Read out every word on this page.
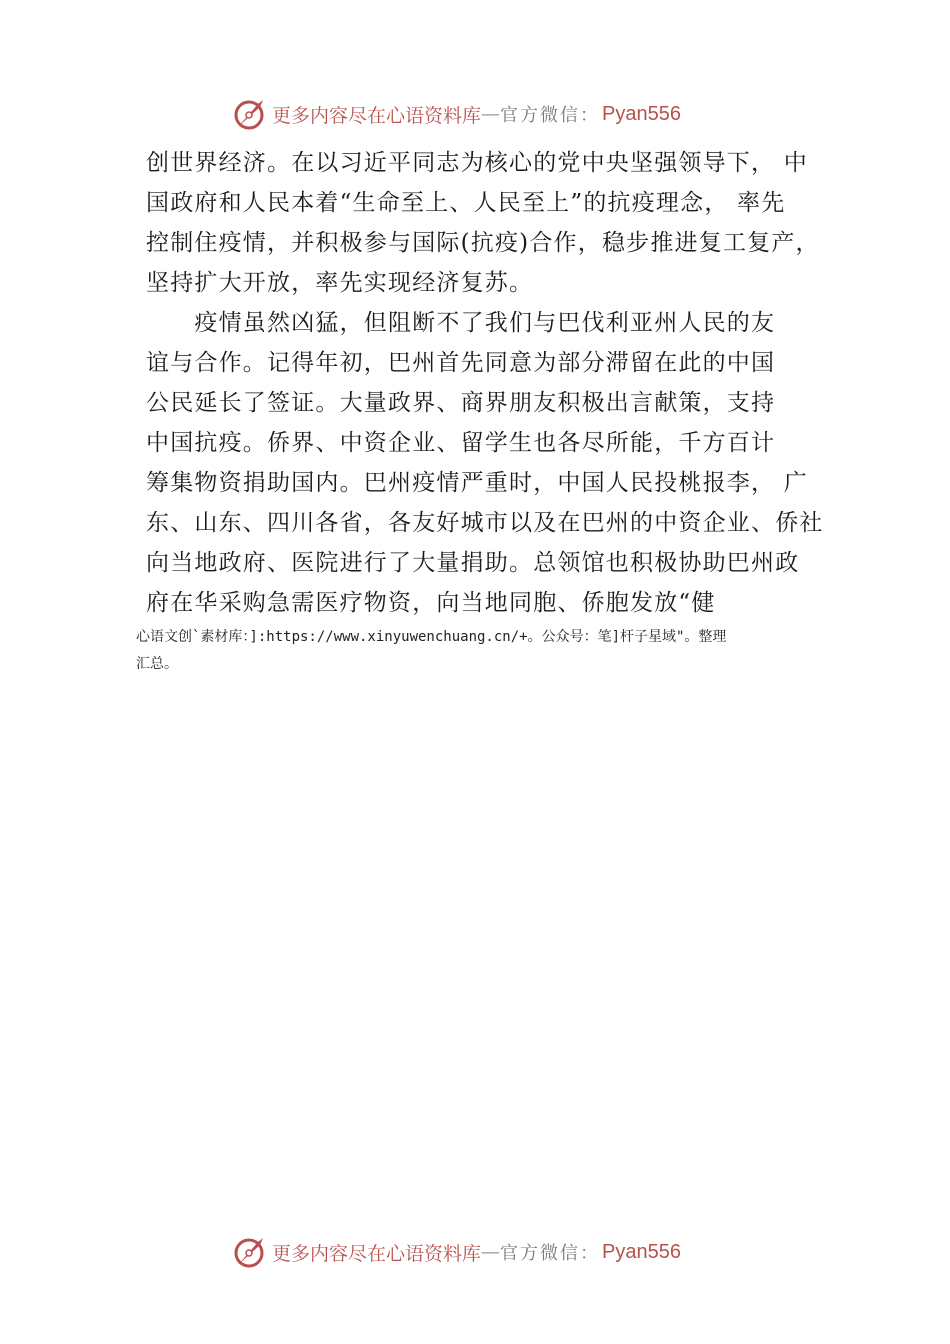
更多内容尽在心语资料库 — 官方微信： Pyan556
创世界经济。在以习近平同志为核心的党中央坚强领导下， 中
国政府和人民本着“生命至上、人民至上”的抗疫理念， 率先
控制住疫情，并积极参与国际(抗疫)合作，稳步推进复工复产，
坚持扩大开放，率先实现经济复苏。
　　疫情虽然凶猛，但阻断不了我们与巴伐利亚州人民的友
谊与合作。记得年初，巴州首先同意为部分滞留在此的中国
公民延长了签证。大量政界、商界朋友积极出言献策，支持
中国抗疫。侨界、中资企业、留学生也各尽所能，千方百计
筹集物资捐助国内。巴州疫情严重时，中国人民投桃报李， 广
东、山东、四川各省，各友好城市以及在巴州的中资企业、侨社
向当地政府、医院进行了大量捐助。总领馆也积极协助巴州政
府在华采购急需医疗物资，向当地同胞、侨胞发放“健
心语文创`素材库：]:https://www.xinyuwenchuang.cn/+。公众号：笔]杆子星域"。整理
汇总。
更多内容尽在心语资料库 — 官方微信： Pyan556
